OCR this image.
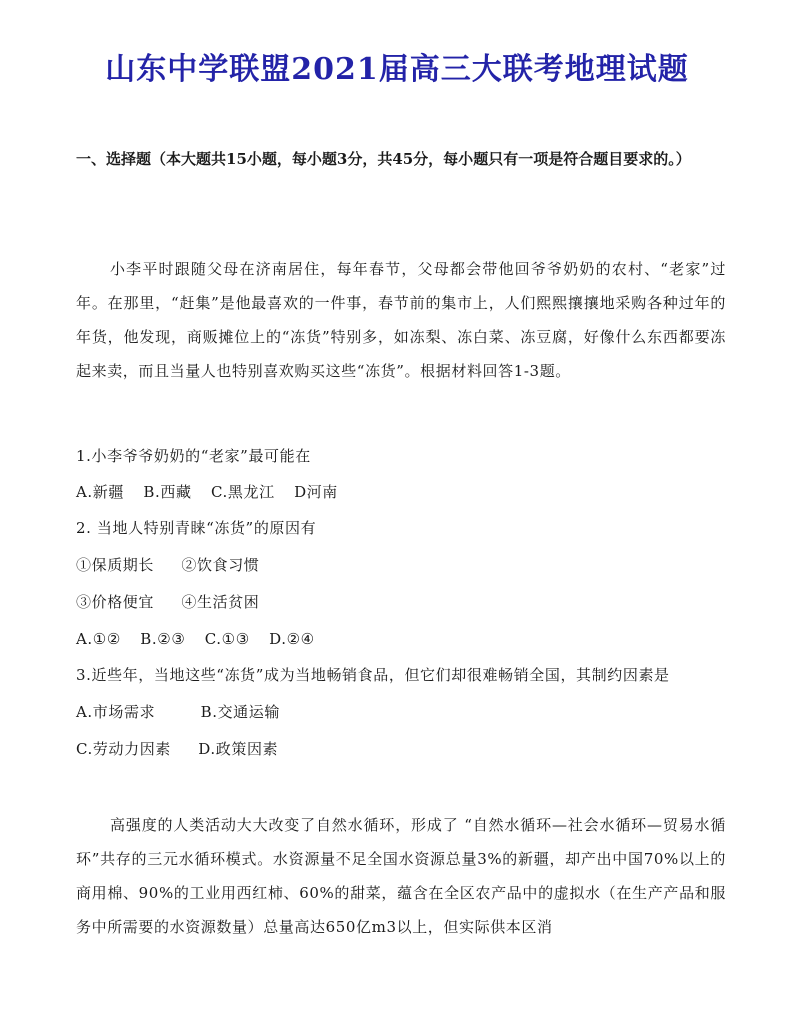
山东中学联盟2021届高三大联考地理试题
一、选择题（本大题共15小题，每小题3分，共45分，每小题只有一项是符合题目要求的。）
小李平时跟随父母在济南居住，每年春节，父母都会带他回爷爷奶奶的农村、“老家”过年。在那里，“赶集”是他最喜欢的一件事，春节前的集市上，人们熙熙攘攘地采购各种过年的年货，他发现，商贩摊位上的“冻货”特别多，如冻梨、冻白菜、冻豆腐，好像什么东西都要冻起来卖，而且当量人也特别喜欢购买这些“冻货”。根据材料回答1-3题。
1.小李爷爷奶奶的“老家”最可能在
A.新疆 B.西藏 C.黑龙江 D河南
2. 当地人特别青睐“冻货”的原因有
①保质期长 ②饮食习惯
③价格便宜 ④生活贫困
A.①② B.②③ C.①③ D.②④
3.近些年，当地这些“冻货”成为当地畅销食品，但它们却很难畅销全国，其制约因素是
A.市场需求	B.交通运输
C.劳动力因素 D.政策因素
高强度的人类活动大大改变了自然水循环，形成了 “自然水循环—社会水循环—贸易水循环”共存的三元水循环模式。水资源量不足全国水资源总量3%的新疆，却产出中国70%以上的商用棉、90%的工业用西红柿、60%的甜菜，蕴含在全区农产品中的虚拟水（在生产产品和服务中所需要的水资源数量）总量高达650亿m3以上，但实际供本区消
